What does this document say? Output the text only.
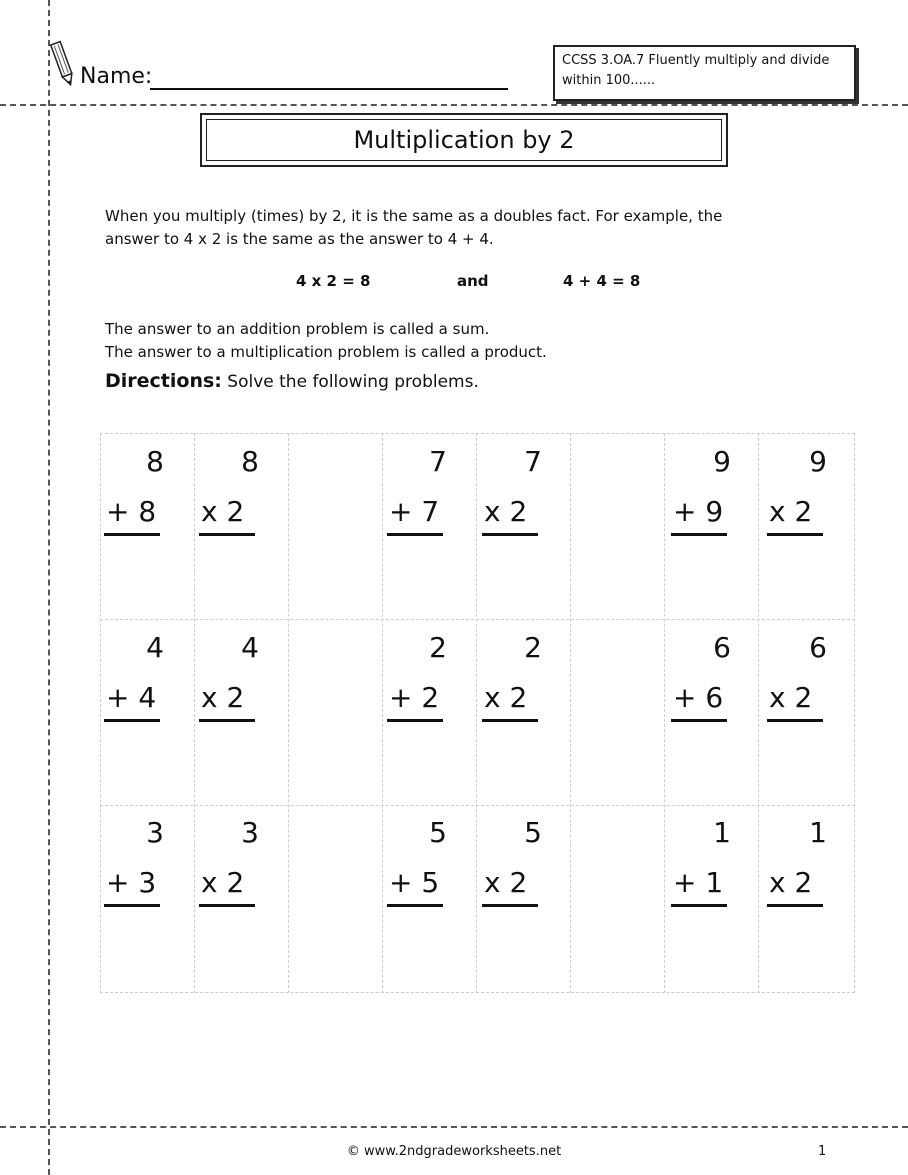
Name:
CCSS 3.OA.7 Fluently multiply and divide within 100......
Multiplication by 2
When you multiply (times) by 2, it is the same as a doubles fact. For example, the
answer to 4 x 2 is the same as the answer to 4 + 4.
4 x 2 = 8	and	4 + 4 = 8
The answer to an addition problem is called a sum.
The answer to a multiplication problem is called a product.
Directions: Solve the following problems.
8
+ 8
8
x 2
7
+ 7
7
x 2
9
+ 9
9
x 2
4
+ 4
4
x 2
2
+ 2
2
x 2
6
+ 6
6
x 2
3
+ 3
3
x 2
5
+ 5
5
x 2
1
+ 1
1
x 2
© www.2ndgradeworksheets.net	1
